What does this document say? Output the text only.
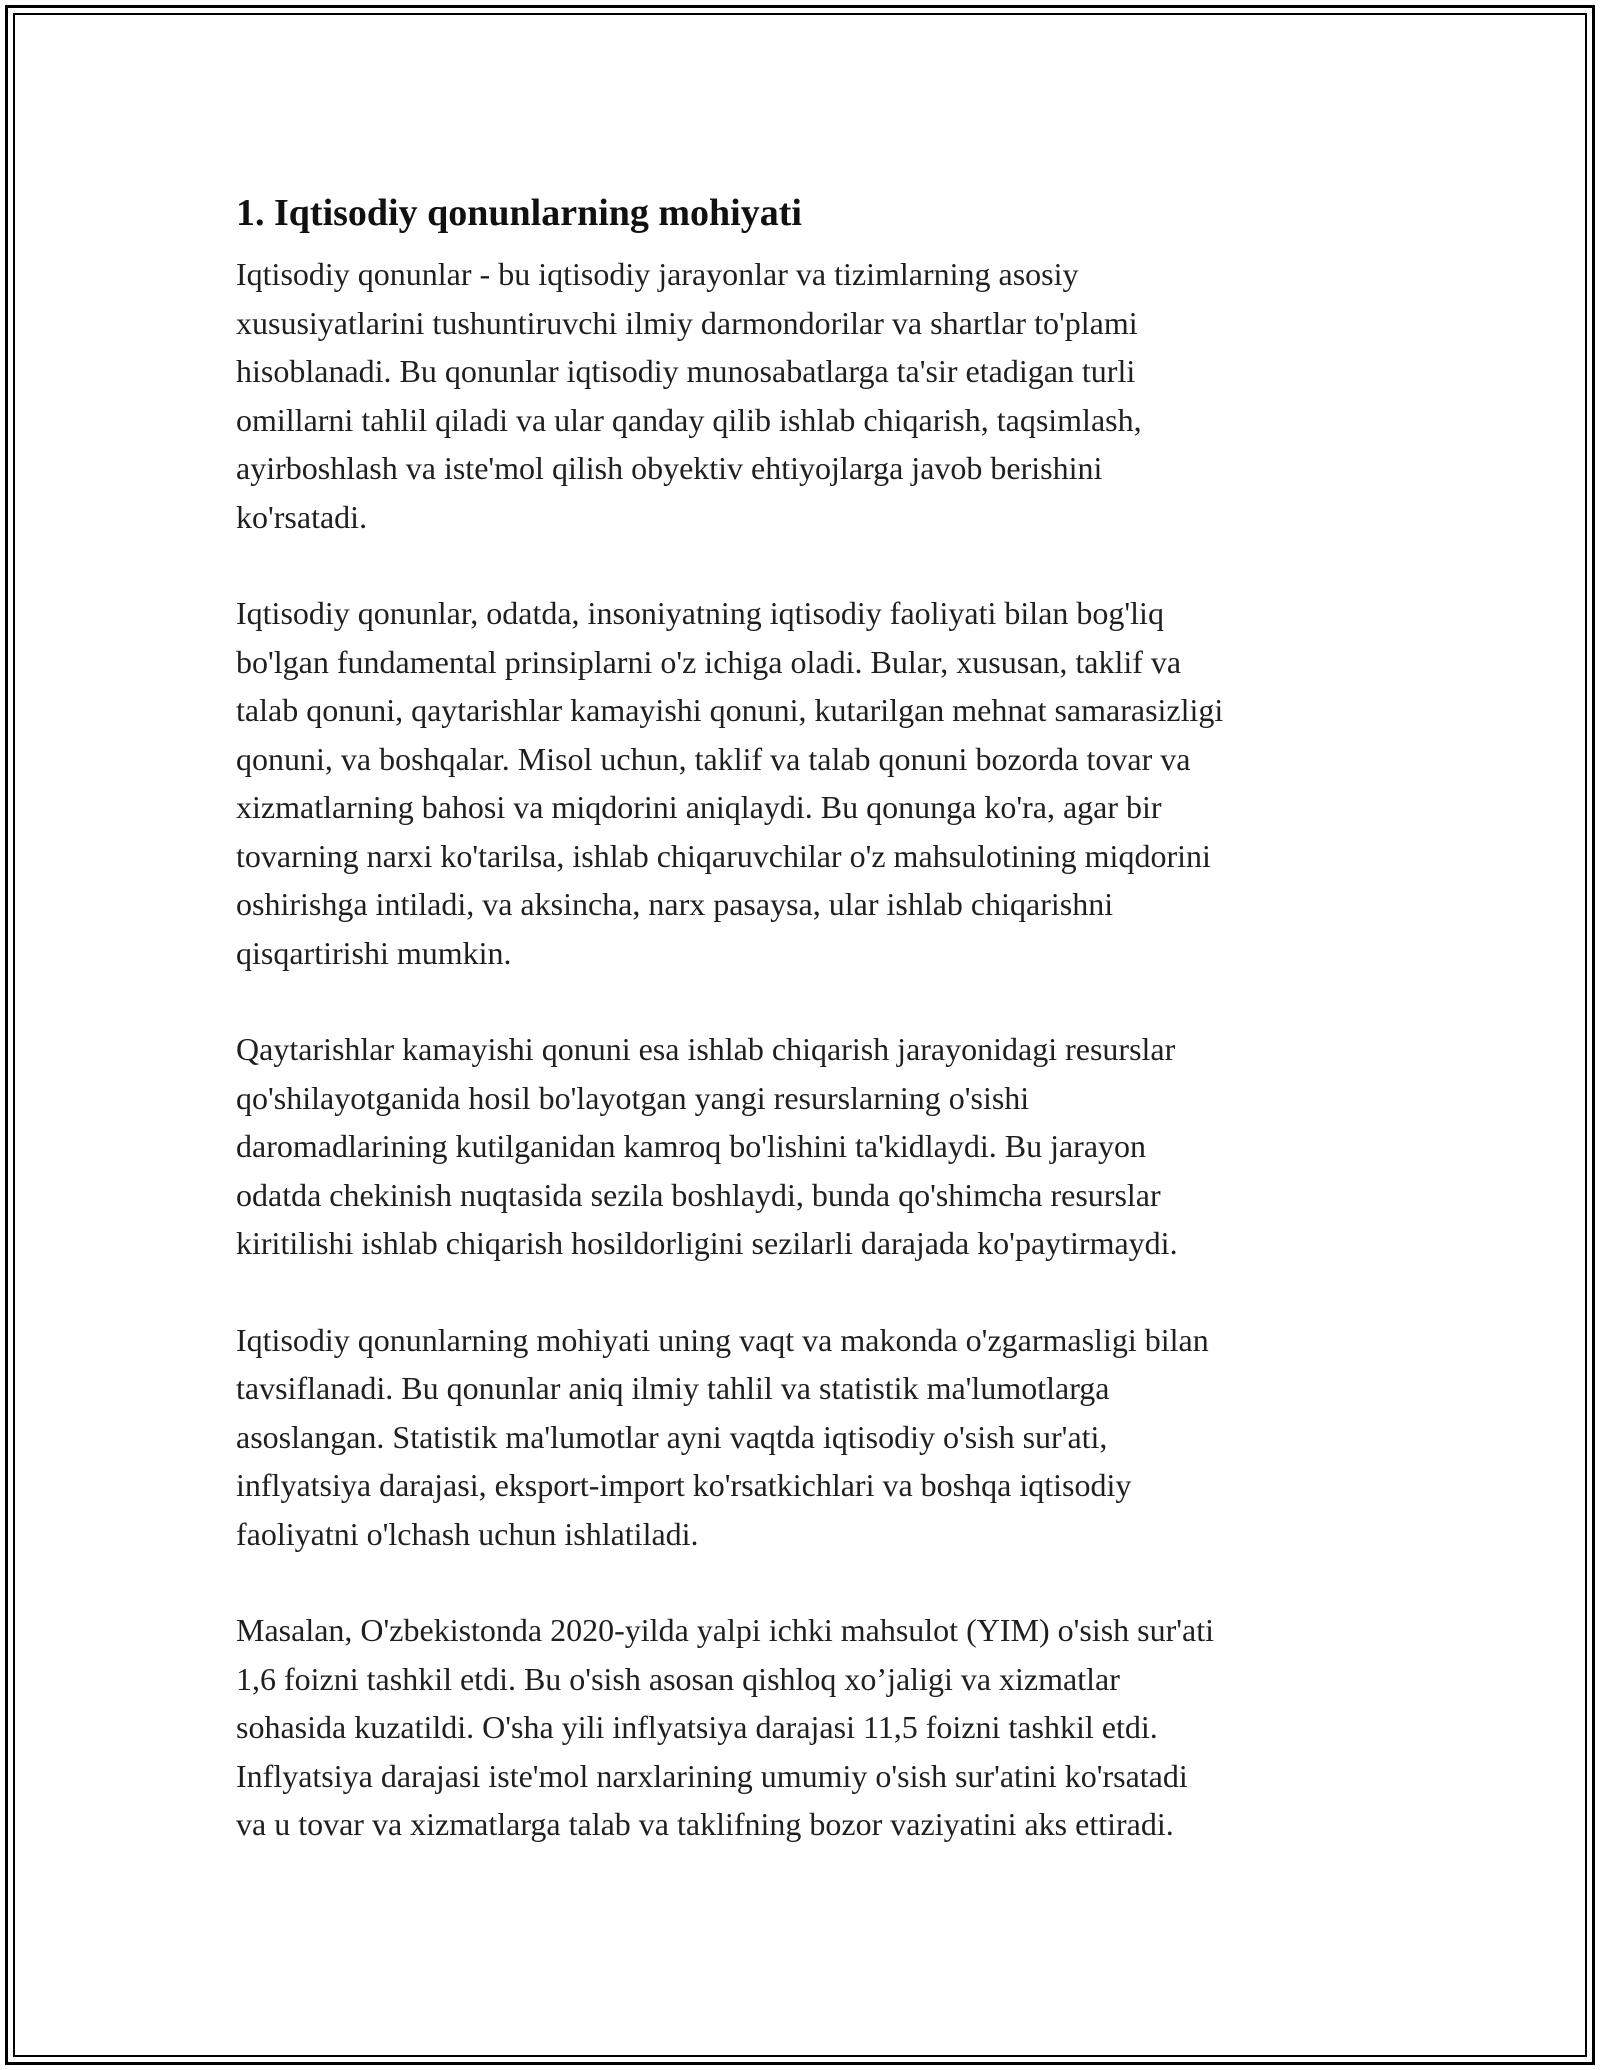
1. Iqtisodiy qonunlarning mohiyati
Iqtisodiy qonunlar - bu iqtisodiy jarayonlar va tizimlarning asosiy
xususiyatlarini tushuntiruvchi ilmiy darmondorilar va shartlar to'plami
hisoblanadi. Bu qonunlar iqtisodiy munosabatlarga ta'sir etadigan turli
omillarni tahlil qiladi va ular qanday qilib ishlab chiqarish, taqsimlash,
ayirboshlash va iste'mol qilish obyektiv ehtiyojlarga javob berishini
ko'rsatadi.
Iqtisodiy qonunlar, odatda, insoniyatning iqtisodiy faoliyati bilan bog'liq
bo'lgan fundamental prinsiplarni o'z ichiga oladi. Bular, xususan, taklif va
talab qonuni, qaytarishlar kamayishi qonuni, kutarilgan mehnat samarasizligi
qonuni, va boshqalar. Misol uchun, taklif va talab qonuni bozorda tovar va
xizmatlarning bahosi va miqdorini aniqlaydi. Bu qonunga ko'ra, agar bir
tovarning narxi ko'tarilsa, ishlab chiqaruvchilar o'z mahsulotining miqdorini
oshirishga intiladi, va aksincha, narx pasaysa, ular ishlab chiqarishni
qisqartirishi mumkin.
Qaytarishlar kamayishi qonuni esa ishlab chiqarish jarayonidagi resurslar
qo'shilayotganida hosil bo'layotgan yangi resurslarning o'sishi
daromadlarining kutilganidan kamroq bo'lishini ta'kidlaydi. Bu jarayon
odatda chekinish nuqtasida sezila boshlaydi, bunda qo'shimcha resurslar
kiritilishi ishlab chiqarish hosildorligini sezilarli darajada ko'paytirmaydi.
Iqtisodiy qonunlarning mohiyati uning vaqt va makonda o'zgarmasligi bilan
tavsiflanadi. Bu qonunlar aniq ilmiy tahlil va statistik ma'lumotlarga
asoslangan. Statistik ma'lumotlar ayni vaqtda iqtisodiy o'sish sur'ati,
inflyatsiya darajasi, eksport-import ko'rsatkichlari va boshqa iqtisodiy
faoliyatni o'lchash uchun ishlatiladi.
Masalan, O'zbekistonda 2020-yilda yalpi ichki mahsulot (YIM) o'sish sur'ati
1,6 foizni tashkil etdi. Bu o'sish asosan qishloq xo’jaligi va xizmatlar
sohasida kuzatildi. O'sha yili inflyatsiya darajasi 11,5 foizni tashkil etdi.
Inflyatsiya darajasi iste'mol narxlarining umumiy o'sish sur'atini ko'rsatadi
va u tovar va xizmatlarga talab va taklifning bozor vaziyatini aks ettiradi.
